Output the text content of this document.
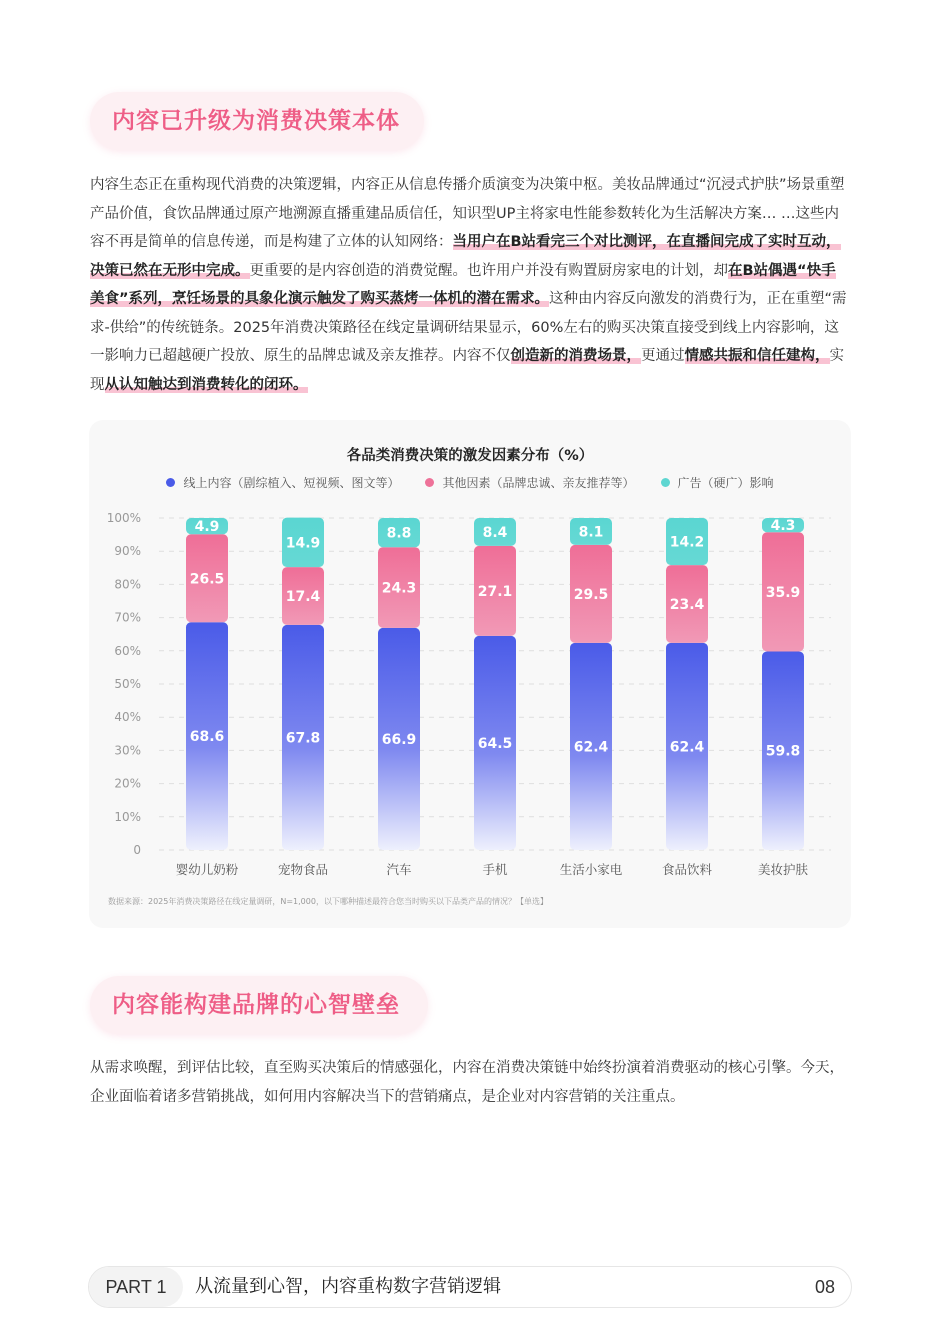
内容已升级为消费决策本体
内容生态正在重构现代消费的决策逻辑，内容正从信息传播介质演变为决策中枢。美妆品牌通过“沉浸式护肤”场景重塑产品价值，食饮品牌通过原产地溯源直播重建品质信任，知识型UP主将家电性能参数转化为生活解决方案… …这些内容不再是简单的信息传递，而是构建了立体的认知网络：当用户在B站看完三个对比测评，在直播间完成了实时互动，决策已然在无形中完成。更重要的是内容创造的消费觉醒。也许用户并没有购置厨房家电的计划，却在B站偶遇“快手美食”系列，烹饪场景的具象化演示触发了购买蒸烤一体机的潜在需求。这种由内容反向激发的消费行为，正在重塑“需求-供给”的传统链条。2025年消费决策路径在线定量调研结果显示，60%左右的购买决策直接受到线上内容影响，这一影响力已超越硬广投放、原生的品牌忠诚及亲友推荐。内容不仅创造新的消费场景，更通过情感共振和信任建构，实现从认知触达到消费转化的闭环。
0
10%
20%
30%
40%
50%
60%
70%
80%
90%
100%
68.6
26.5
4.9
婴幼儿奶粉
67.8
17.4
14.9
宠物食品
66.9
24.3
8.8
汽车
64.5
27.1
8.4
手机
62.4
29.5
8.1
生活小家电
62.4
23.4
14.2
食品饮料
59.8
35.9
4.3
美妆护肤
各品类消费决策的激发因素分布（%）
线上内容（剧综植入、短视频、图文等）	其他因素（品牌忠诚、亲友推荐等）	广告（硬广）影响
数据来源：2025年消费决策路径在线定量调研，N=1,000，以下哪种描述最符合您当时购买以下品类产品的情况？【单选】
内容能构建品牌的心智壁垒
从需求唤醒，到评估比较，直至购买决策后的情感强化，内容在消费决策链中始终扮演着消费驱动的核心引擎。今天，企业面临着诸多营销挑战，如何用内容解决当下的营销痛点，是企业对内容营销的关注重点。
PART 1	从流量到心智，内容重构数字营销逻辑	08
